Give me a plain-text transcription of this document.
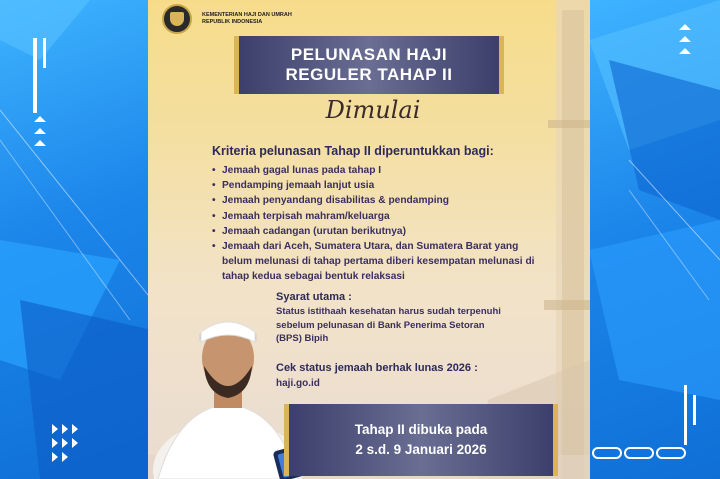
KEMENTERIAN HAJI DAN UMRAH
REPUBLIK INDONESIA
PELUNASAN HAJI
REGULER TAHAP II
Dimulai
Kriteria pelunasan Tahap II diperuntukkan bagi:
• Jemaah gagal lunas pada tahap I
• Pendamping jemaah lanjut usia
• Jemaah penyandang disabilitas & pendamping
• Jemaah terpisah mahram/keluarga
• Jemaah cadangan (urutan berikutnya)
• Jemaah dari Aceh, Sumatera Utara, dan Sumatera Barat yang belum melunasi di tahap pertama diberi kesempatan melunasi di tahap kedua sebagai bentuk relaksasi
Syarat utama :
Status istithaah kesehatan harus sudah terpenuhi sebelum pelunasan di Bank Penerima Setoran (BPS) Bipih
Cek status jemaah berhak lunas 2026 :
haji.go.id
Tahap II dibuka pada
2 s.d. 9 Januari 2026
